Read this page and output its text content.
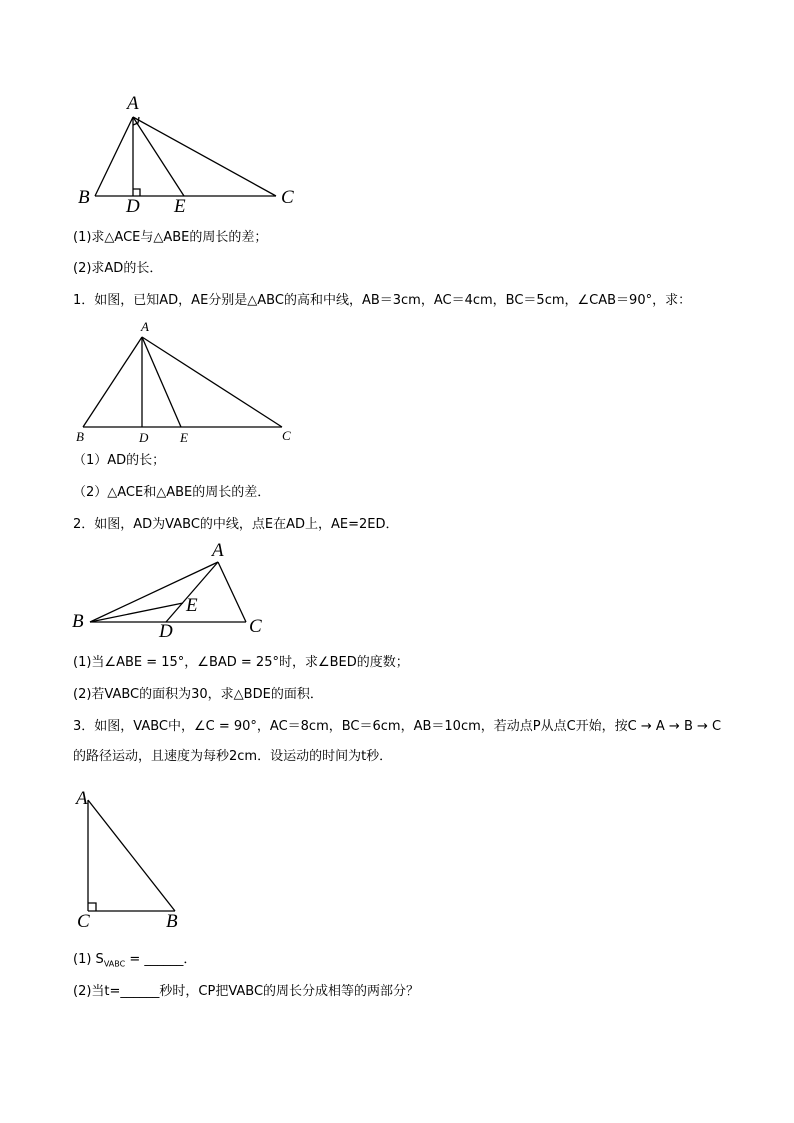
A
B	C
D E
(1)求△ACE与△ABE的周长的差；
(2)求AD的长．
1．如图，已知AD，AE分别是△ABC的高和中线，AB＝3cm，AC＝4cm，BC＝5cm，∠CAB＝90°，求：
A
B	C
D E
（1）AD的长；
（2）△ACE和△ABE的周长的差．
2．如图，AD为VABC的中线，点E在AD上，AE=2ED．
A
B	C
D
E
(1)当∠ABE = 15°，∠BAD = 25°时，求∠BED的度数；
(2)若VABC的面积为30，求△BDE的面积．
3．如图，VABC中，∠C = 90°，AC＝8cm，BC＝6cm，AB＝10cm，若动点P从点C开始，按C → A → B → C
的路径运动，且速度为每秒2cm．设运动的时间为t秒．
A
C	B
(1) $S_{VABC}$ = ______．
(2)当t=______秒时，CP把VABC的周长分成相等的两部分？
